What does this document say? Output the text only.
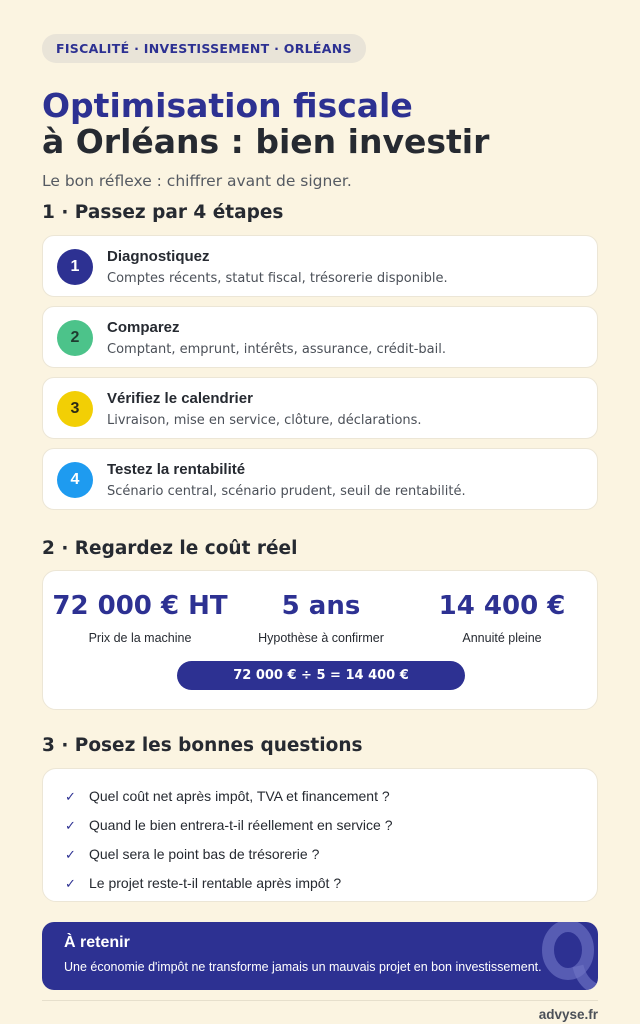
FISCALITÉ · INVESTISSEMENT · ORLÉANS
Optimisation fiscale
à Orléans : bien investir

Le bon réflexe : chiffrer avant de signer.

1 · Passez par 4 étapes
1
Diagnostiquez
Comptes récents, statut fiscal, trésorerie disponible.
2
Comparez
Comptant, emprunt, intérêts, assurance, crédit-bail.
3
Vérifiez le calendrier
Livraison, mise en service, clôture, déclarations.
4
Testez la rentabilité
Scénario central, scénario prudent, seuil de rentabilité.
2 · Regardez le coût réel
72 000 € HT
Prix de la machine
5 ans
Hypothèse à confirmer
14 400 €
Annuité pleine
72 000 € ÷ 5 = 14 400 €
3 · Posez les bonnes questions
✓ Quel coût net après impôt, TVA et financement ?
✓ Quand le bien entrera-t-il réellement en service ?
✓ Quel sera le point bas de trésorerie ?
✓ Le projet reste-t-il rentable après impôt ?
À retenir
Une économie d'impôt ne transforme jamais un mauvais projet en bon investissement.
advyse.fr
